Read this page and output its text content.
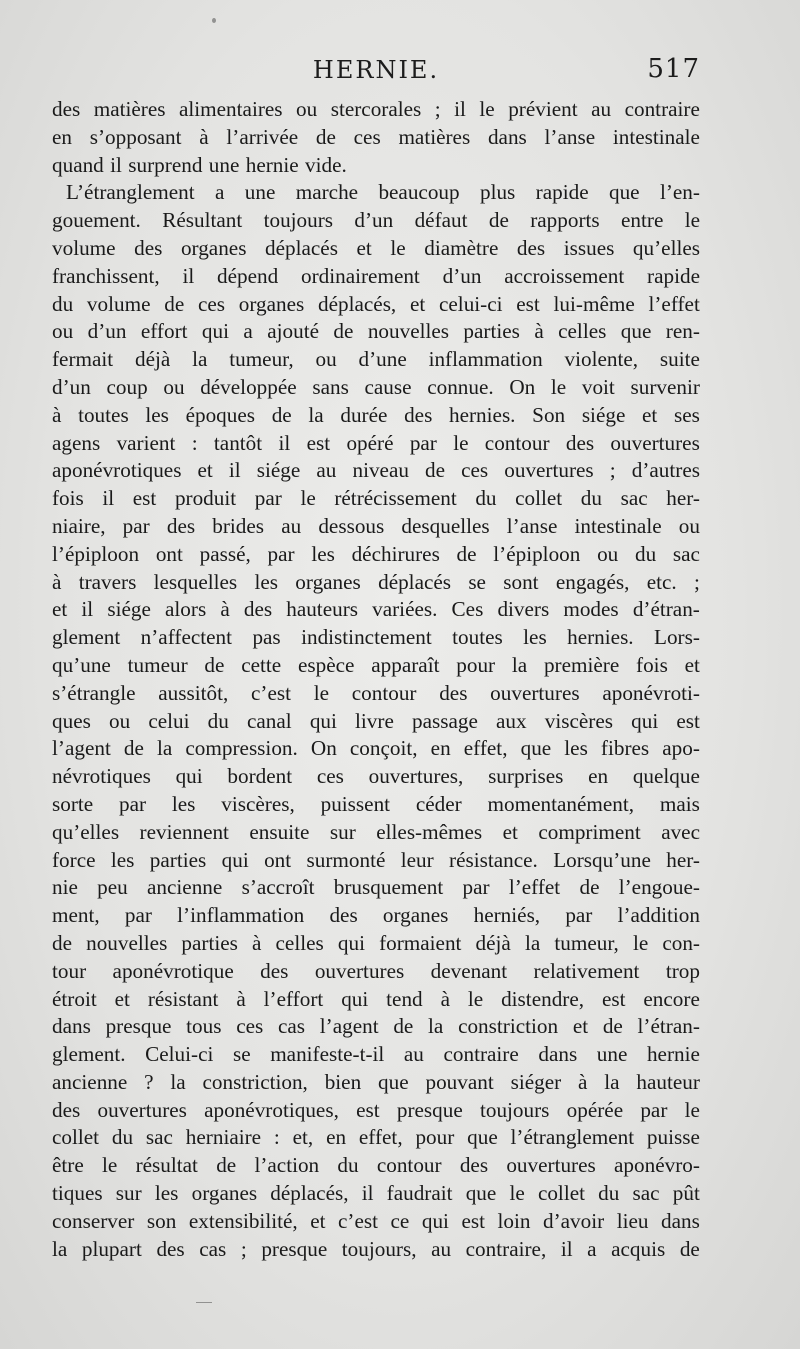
HERNIE.	517
des matières alimentaires ou stercorales ; il le prévient au contraire
en s’opposant à l’arrivée de ces matières dans l’anse intestinale
quand il surprend une hernie vide.
L’étranglement a une marche beaucoup plus rapide que l’en-
gouement. Résultant toujours d’un défaut de rapports entre le
volume des organes déplacés et le diamètre des issues qu’elles
franchissent, il dépend ordinairement d’un accroissement rapide
du volume de ces organes déplacés, et celui-ci est lui-même l’effet
ou d’un effort qui a ajouté de nouvelles parties à celles que ren-
fermait déjà la tumeur, ou d’une inflammation violente, suite
d’un coup ou développée sans cause connue. On le voit survenir
à toutes les époques de la durée des hernies. Son siége et ses
agens varient : tantôt il est opéré par le contour des ouvertures
aponévrotiques et il siége au niveau de ces ouvertures ; d’autres
fois il est produit par le rétrécissement du collet du sac her-
niaire, par des brides au dessous desquelles l’anse intestinale ou
l’épiploon ont passé, par les déchirures de l’épiploon ou du sac
à travers lesquelles les organes déplacés se sont engagés, etc. ;
et il siége alors à des hauteurs variées. Ces divers modes d’étran-
glement n’affectent pas indistinctement toutes les hernies. Lors-
qu’une tumeur de cette espèce apparaît pour la première fois et
s’étrangle aussitôt, c’est le contour des ouvertures aponévroti-
ques ou celui du canal qui livre passage aux viscères qui est
l’agent de la compression. On conçoit, en effet, que les fibres apo-
névrotiques qui bordent ces ouvertures, surprises en quelque
sorte par les viscères, puissent céder momentanément, mais
qu’elles reviennent ensuite sur elles-mêmes et compriment avec
force les parties qui ont surmonté leur résistance. Lorsqu’une her-
nie peu ancienne s’accroît brusquement par l’effet de l’engoue-
ment, par l’inflammation des organes herniés, par l’addition
de nouvelles parties à celles qui formaient déjà la tumeur, le con-
tour aponévrotique des ouvertures devenant relativement trop
étroit et résistant à l’effort qui tend à le distendre, est encore
dans presque tous ces cas l’agent de la constriction et de l’étran-
glement. Celui-ci se manifeste-t-il au contraire dans une hernie
ancienne ? la constriction, bien que pouvant siéger à la hauteur
des ouvertures aponévrotiques, est presque toujours opérée par le
collet du sac herniaire : et, en effet, pour que l’étranglement puisse
être le résultat de l’action du contour des ouvertures aponévro-
tiques sur les organes déplacés, il faudrait que le collet du sac pût
conserver son extensibilité, et c’est ce qui est loin d’avoir lieu dans
la plupart des cas ; presque toujours, au contraire, il a acquis de
